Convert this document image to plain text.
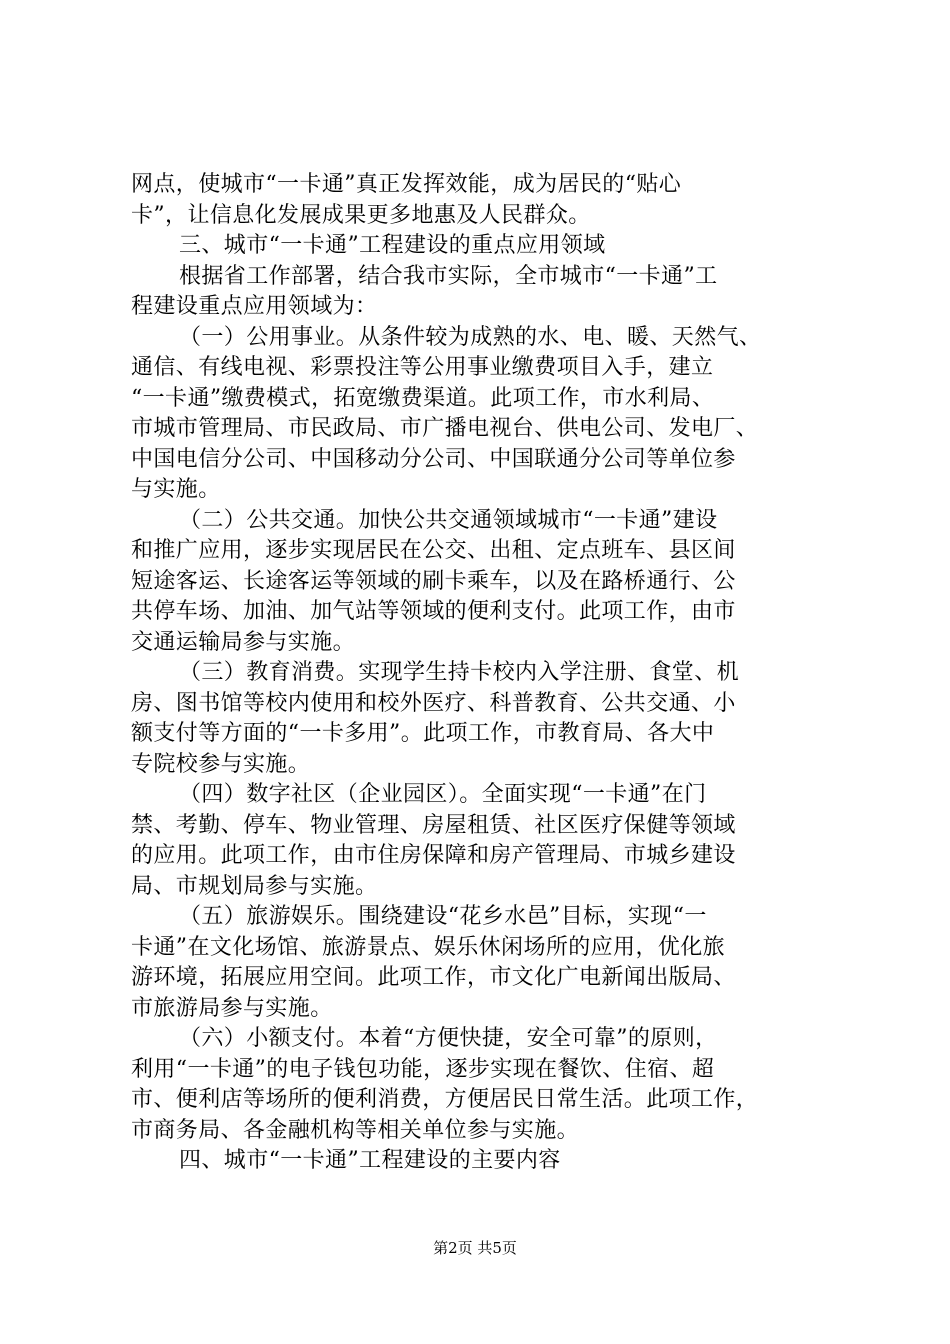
网点，使城市“一卡通”真正发挥效能，成为居民的“贴心
卡”，让信息化发展成果更多地惠及人民群众。
三、城市“一卡通”工程建设的重点应用领域
根据省工作部署，结合我市实际，全市城市“一卡通”工
程建设重点应用领域为：
（一）公用事业。从条件较为成熟的水、电、暖、天然气、
通信、有线电视、彩票投注等公用事业缴费项目入手，建立
“一卡通”缴费模式，拓宽缴费渠道。此项工作，市水利局、
市城市管理局、市民政局、市广播电视台、供电公司、发电厂、
中国电信分公司、中国移动分公司、中国联通分公司等单位参
与实施。
（二）公共交通。加快公共交通领域城市“一卡通”建设
和推广应用，逐步实现居民在公交、出租、定点班车、县区间
短途客运、长途客运等领域的刷卡乘车，以及在路桥通行、公
共停车场、加油、加气站等领域的便利支付。此项工作，由市
交通运输局参与实施。
（三）教育消费。实现学生持卡校内入学注册、食堂、机
房、图书馆等校内使用和校外医疗、科普教育、公共交通、小
额支付等方面的“一卡多用”。此项工作，市教育局、各大中
专院校参与实施。
（四）数字社区（企业园区）。全面实现“一卡通”在门
禁、考勤、停车、物业管理、房屋租赁、社区医疗保健等领域
的应用。此项工作，由市住房保障和房产管理局、市城乡建设
局、市规划局参与实施。
（五）旅游娱乐。围绕建设“花乡水邑”目标，实现“一
卡通”在文化场馆、旅游景点、娱乐休闲场所的应用，优化旅
游环境，拓展应用空间。此项工作，市文化广电新闻出版局、
市旅游局参与实施。
（六）小额支付。本着“方便快捷，安全可靠”的原则，
利用“一卡通”的电子钱包功能，逐步实现在餐饮、住宿、超
市、便利店等场所的便利消费，方便居民日常生活。此项工作，
市商务局、各金融机构等相关单位参与实施。
四、城市“一卡通”工程建设的主要内容
第2页 共5页
